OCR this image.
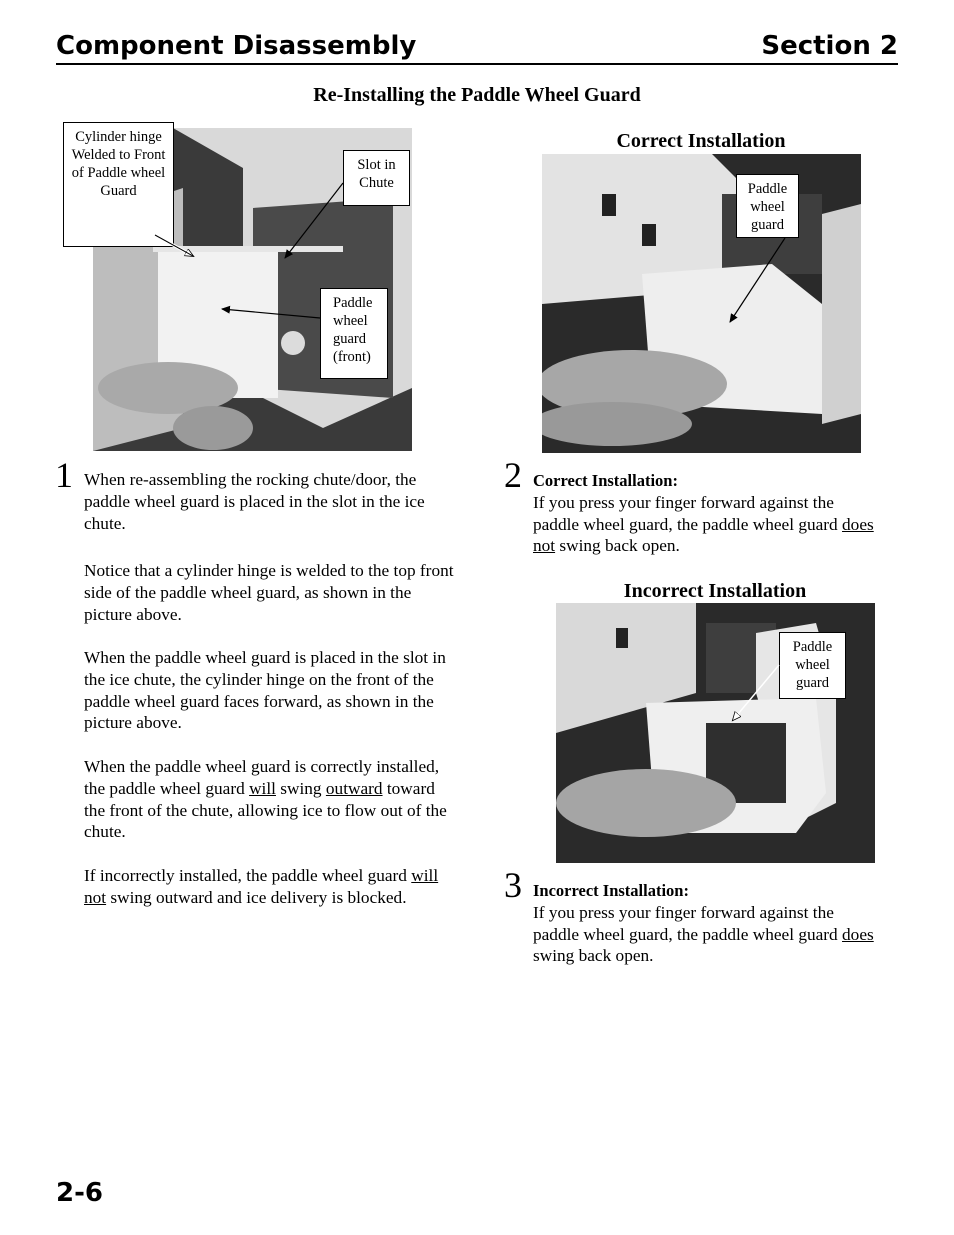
Component Disassembly	Section 2
Re-Installing the Paddle Wheel Guard
Cylinder hinge Welded to Front of Paddle wheel Guard
Slot in Chute
Paddle wheel guard (front)
Correct Installation
Paddle wheel guard
Incorrect Installation
Paddle wheel guard
1 When re-assembling the rocking chute/door, the paddle wheel guard is placed in the slot in the ice chute.

Notice that a cylinder hinge is welded to the top front side of the paddle wheel guard, as shown in the picture above.

When the paddle wheel guard is placed in the slot in the ice chute, the cylinder hinge on the front of the paddle wheel guard faces forward, as shown in the picture above.

When the paddle wheel guard is correctly installed, the paddle wheel guard will swing outward toward the front of the chute, allowing ice to flow out of the chute.

If incorrectly installed, the paddle wheel guard will not swing outward and ice delivery is blocked.

2 Correct Installation:
If you press your finger forward against the paddle wheel guard, the paddle wheel guard does not swing back open.

3 Incorrect Installation:
If you press your finger forward against the paddle wheel guard, the paddle wheel guard does swing back open.

2-6
